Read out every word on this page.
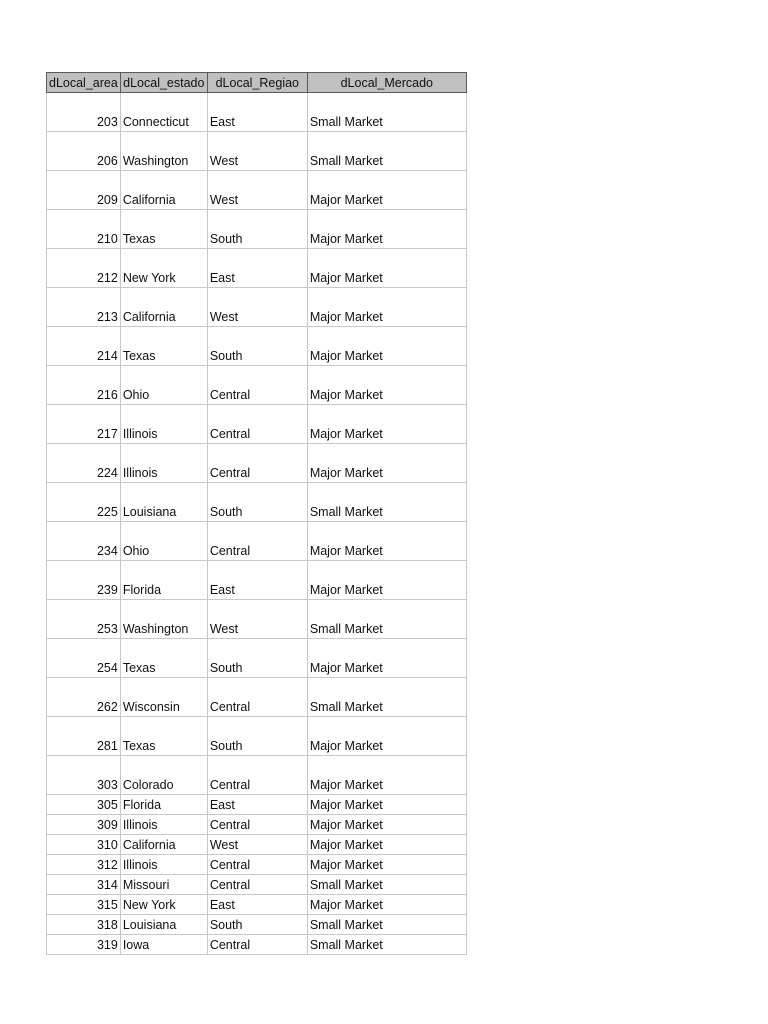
dLocal_area	dLocal_estado	dLocal_Regiao	dLocal_Mercado
203	Connecticut	East	Small Market
206	Washington	West	Small Market
209	California	West	Major Market
210	Texas	South	Major Market
212	New York	East	Major Market
213	California	West	Major Market
214	Texas	South	Major Market
216	Ohio	Central	Major Market
217	Illinois	Central	Major Market
224	Illinois	Central	Major Market
225	Louisiana	South	Small Market
234	Ohio	Central	Major Market
239	Florida	East	Major Market
253	Washington	West	Small Market
254	Texas	South	Major Market
262	Wisconsin	Central	Small Market
281	Texas	South	Major Market
303	Colorado	Central	Major Market
305	Florida	East	Major Market
309	Illinois	Central	Major Market
310	California	West	Major Market
312	Illinois	Central	Major Market
314	Missouri	Central	Small Market
315	New York	East	Major Market
318	Louisiana	South	Small Market
319	Iowa	Central	Small Market
